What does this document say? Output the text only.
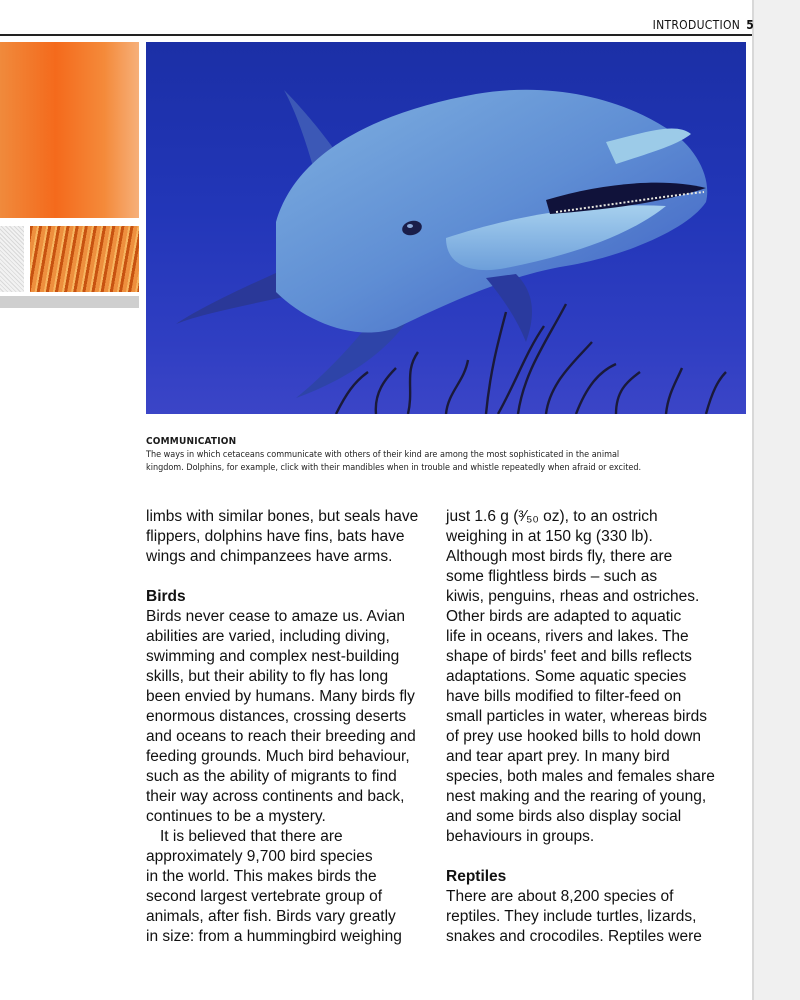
INTRODUCTION 5
COMMUNICATION
The ways in which cetaceans communicate with others of their kind are among the most sophisticated in the animal
kingdom. Dolphins, for example, click with their mandibles when in trouble and whistle repeatedly when afraid or excited.

limbs with similar bones, but seals have
flippers, dolphins have fins, bats have
wings and chimpanzees have arms.

Birds

Birds never cease to amaze us. Avian
abilities are varied, including diving,
swimming and complex nest-building
skills, but their ability to fly has long
been envied by humans. Many birds fly
enormous distances, crossing deserts
and oceans to reach their breeding and
feeding grounds. Much bird behaviour,
such as the ability of migrants to find
their way across continents and back,
continues to be a mystery.

It is believed that there are
approximately 9,700 bird species
in the world. This makes birds the
second largest vertebrate group of
animals, after fish. Birds vary greatly
in size: from a hummingbird weighing

just 1.6 g (³⁄₅₀ oz), to an ostrich
weighing in at 150 kg (330 lb).
Although most birds fly, there are
some flightless birds – such as
kiwis, penguins, rheas and ostriches.
Other birds are adapted to aquatic
life in oceans, rivers and lakes. The
shape of birds' feet and bills reflects
adaptations. Some aquatic species
have bills modified to filter-feed on
small particles in water, whereas birds
of prey use hooked bills to hold down
and tear apart prey. In many bird
species, both males and females share
nest making and the rearing of young,
and some birds also display social
behaviours in groups.

Reptiles

There are about 8,200 species of
reptiles. They include turtles, lizards,
snakes and crocodiles. Reptiles were
